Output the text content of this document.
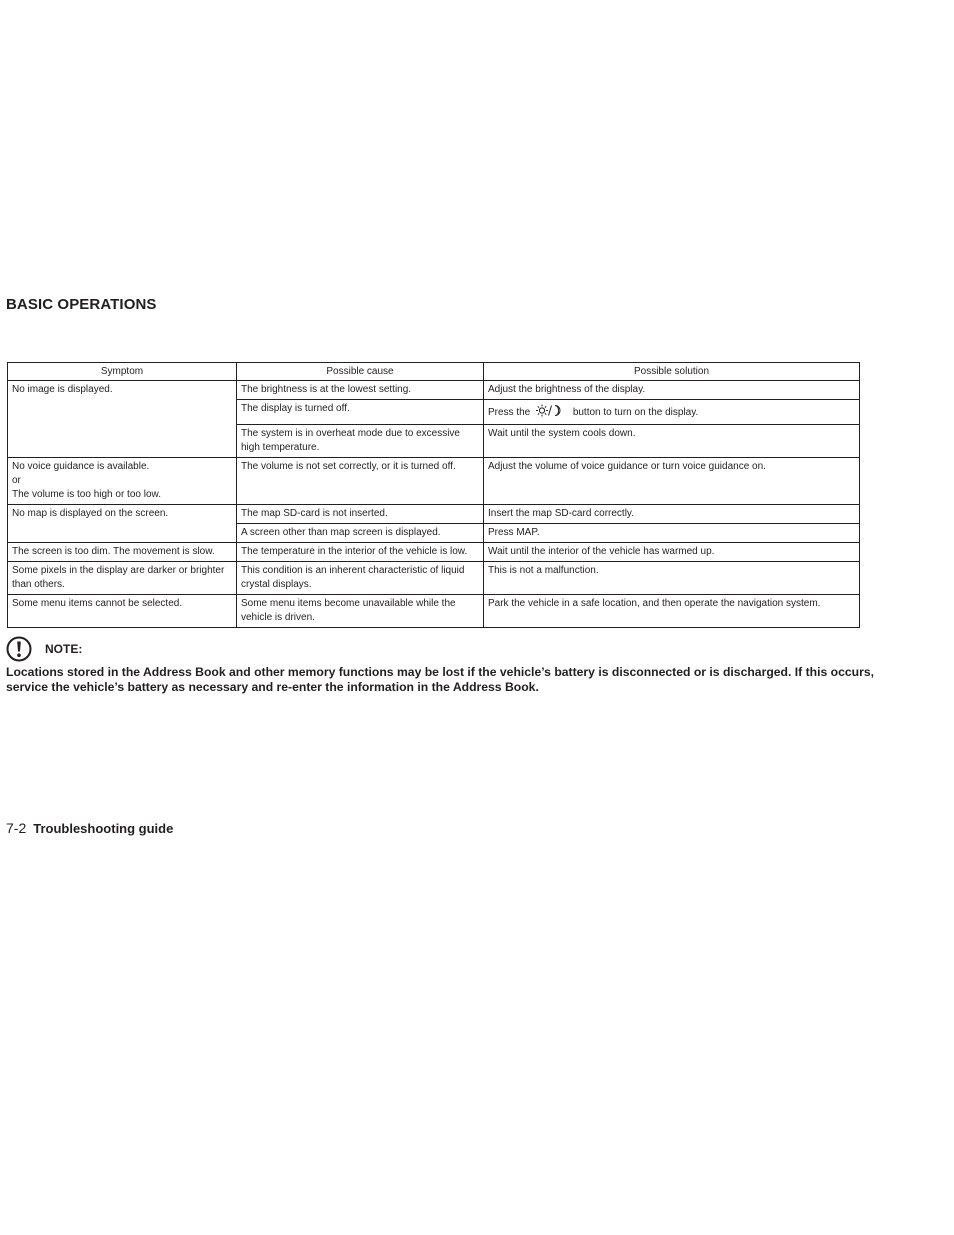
BASIC OPERATIONS
Symptom	Possible cause	Possible solution
No image is displayed.	The brightness is at the lowest setting.	Adjust the brightness of the display.
	The display is turned off.	Press the button to turn on the display.
	The system is in overheat mode due to excessive high temperature.	Wait until the system cools down.

No voice guidance is available.
or
The volume is too high or too low.	The volume is not set correctly, or it is turned off.	Adjust the volume of voice guidance or turn voice guidance on.
No map is displayed on the screen.	The map SD-card is not inserted.	Insert the map SD-card correctly.
	A screen other than map screen is displayed.	Press MAP.
The screen is too dim. The movement is slow.	The temperature in the interior of the vehicle is low.	Wait until the interior of the vehicle has warmed up.
Some pixels in the display are darker or brighter than others.	This condition is an inherent characteristic of liquid crystal displays.	This is not a malfunction.
Some menu items cannot be selected.	Some menu items become unavailable while the vehicle is driven.	Park the vehicle in a safe location, and then operate the navigation system.
NOTE:
Locations stored in the Address Book and other memory functions may be lost if the vehicle’s battery is disconnected or is discharged. If this occurs, service the vehicle’s battery as necessary and re-enter the information in the Address Book.
7-2 Troubleshooting guide
